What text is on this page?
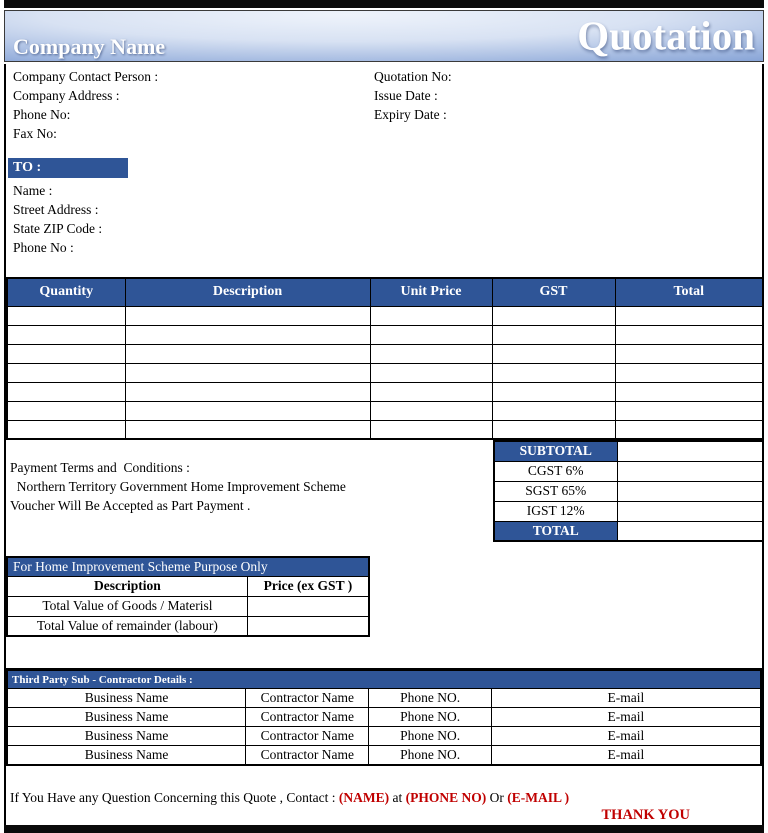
Company Name	Quotation
Company Contact Person :
Company Address :
Phone No:
Fax No:
Quotation No:
Issue Date :
Expiry Date :
TO :
Name :
Street Address :
State ZIP Code :
Phone No :
Quantity	Description	Unit Price	GST	Total

SUBTOTAL	
CGST 6%	
SGST 65%	
IGST 12%	
TOTAL	
Payment Terms and  Conditions :
Northern Territory Government Home Improvement Scheme
Voucher Will Be Accepted as Part Payment .
For Home Improvement Scheme Purpose Only	
Description	Price (ex GST )
Total Value of Goods / Materisl	
Total Value of remainder (labour)	
Third Party Sub - Contractor Details :			
Business Name	Contractor Name	Phone NO.	E-mail
Business Name	Contractor Name	Phone NO.	E-mail
Business Name	Contractor Name	Phone NO.	E-mail
Business Name	Contractor Name	Phone NO.	E-mail
If You Have any Question Concerning this Quote , Contact : (NAME) at (PHONE NO) Or (E-MAIL )
THANK YOU
